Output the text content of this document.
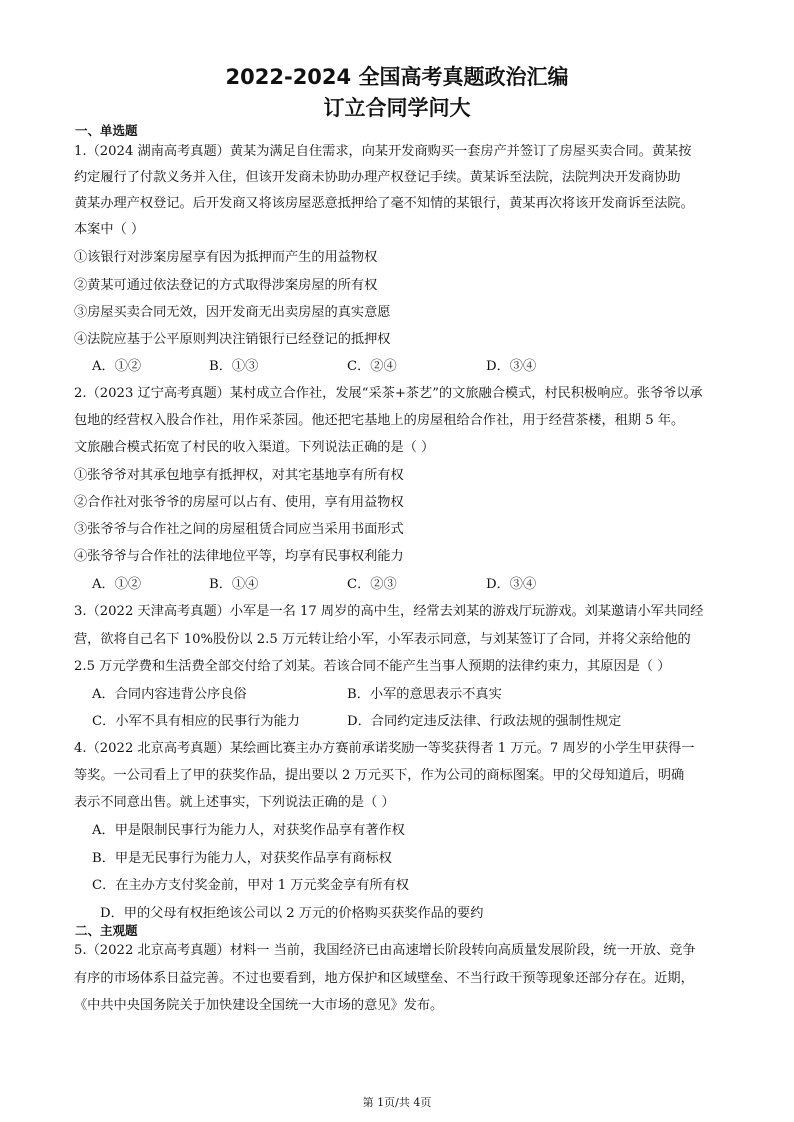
2022-2024 全国高考真题政治汇编
订立合同学问大
一、单选题
1.（2024 湖南高考真题）黄某为满足自住需求，向某开发商购买一套房产并签订了房屋买卖合同。黄某按
约定履行了付款义务并入住，但该开发商未协助办理产权登记手续。黄某诉至法院，法院判决开发商协助
黄某办理产权登记。后开发商又将该房屋恶意抵押给了毫不知情的某银行，黄某再次将该开发商诉至法院。
本案中（ ）
①该银行对涉案房屋享有因为抵押而产生的用益物权
②黄某可通过依法登记的方式取得涉案房屋的所有权
③房屋买卖合同无效，因开发商无出卖房屋的真实意愿
④法院应基于公平原则判决注销银行已经登记的抵押权
A．①②	B．①③	C．②④	D．③④
2.（2023 辽宁高考真题）某村成立合作社，发展“采茶+茶艺”的文旅融合模式，村民积极响应。张爷爷以承
包地的经营权入股合作社，用作采茶园。他还把宅基地上的房屋租给合作社，用于经营茶楼，租期 5 年。
文旅融合模式拓宽了村民的收入渠道。下列说法正确的是（ ）
①张爷爷对其承包地享有抵押权，对其宅基地享有所有权
②合作社对张爷爷的房屋可以占有、使用，享有用益物权
③张爷爷与合作社之间的房屋租赁合同应当采用书面形式
④张爷爷与合作社的法律地位平等，均享有民事权利能力
A．①②	B．①④	C．②③	D．③④
3.（2022 天津高考真题）小军是一名 17 周岁的高中生，经常去刘某的游戏厅玩游戏。刘某邀请小军共同经
营，欲将自己名下 10%股份以 2.5 万元转让给小军，小军表示同意，与刘某签订了合同，并将父亲给他的
2.5 万元学费和生活费全部交付给了刘某。若该合同不能产生当事人预期的法律约束力，其原因是（ ）
A．合同内容违背公序良俗	B．小军的意思表示不真实
C．小军不具有相应的民事行为能力	D．合同约定违反法律、行政法规的强制性规定
4.（2022 北京高考真题）某绘画比赛主办方赛前承诺奖励一等奖获得者 1 万元。7 周岁的小学生甲获得一
等奖。一公司看上了甲的获奖作品，提出要以 2 万元买下，作为公司的商标图案。甲的父母知道后，明确
表示不同意出售。就上述事实，下列说法正确的是（ ）
A．甲是限制民事行为能力人，对获奖作品享有著作权
B．甲是无民事行为能力人，对获奖作品享有商标权
C．在主办方支付奖金前，甲对 1 万元奖金享有所有权
D．甲的父母有权拒绝该公司以 2 万元的价格购买获奖作品的要约
二、主观题
5.（2022 北京高考真题）材料一 当前，我国经济已由高速增长阶段转向高质量发展阶段，统一开放、竞争
有序的市场体系日益完善。不过也要看到，地方保护和区域壁垒、不当行政干预等现象还部分存在。近期，
《中共中央国务院关于加快建设全国统一大市场的意见》发布。
第 1页/共 4页
